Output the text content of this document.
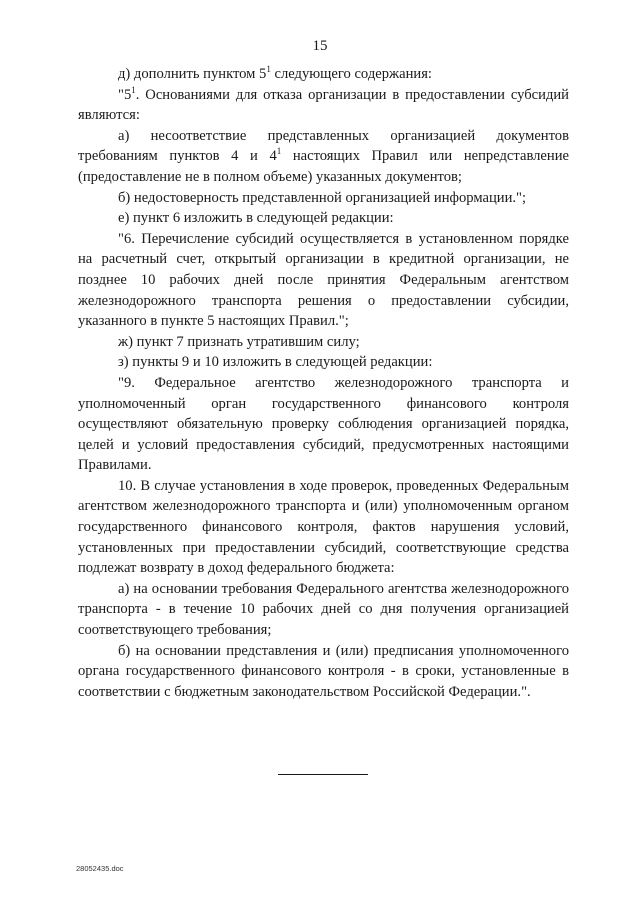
15
д) дополнить пунктом $5^1$ следующего содержания:
"$5^1$. Основаниями для отказа организации в предоставлении субсидий являются:
а) несоответствие представленных организацией документов требованиям пунктов 4 и $4^1$ настоящих Правил или непредставление (предоставление не в полном объеме) указанных документов;
б) недостоверность представленной организацией информации.";
е) пункт 6 изложить в следующей редакции:
"6. Перечисление субсидий осуществляется в установленном порядке на расчетный счет, открытый организации в кредитной организации, не позднее 10 рабочих дней после принятия Федеральным агентством железнодорожного транспорта решения о предоставлении субсидии, указанного в пункте 5 настоящих Правил.";
ж) пункт 7 признать утратившим силу;
з) пункты 9 и 10 изложить в следующей редакции:
"9. Федеральное агентство железнодорожного транспорта и уполномоченный орган государственного финансового контроля осуществляют обязательную проверку соблюдения организацией порядка, целей и условий предоставления субсидий, предусмотренных настоящими Правилами.
10. В случае установления в ходе проверок, проведенных Федеральным агентством железнодорожного транспорта и (или) уполномоченным органом государственного финансового контроля, фактов нарушения условий, установленных при предоставлении субсидий, соответствующие средства подлежат возврату в доход федерального бюджета:
а) на основании требования Федерального агентства железнодорожного транспорта - в течение 10 рабочих дней со дня получения организацией соответствующего требования;
б) на основании представления и (или) предписания уполномоченного органа государственного финансового контроля - в сроки, установленные в соответствии с бюджетным законодательством Российской Федерации.".
28052435.doc
